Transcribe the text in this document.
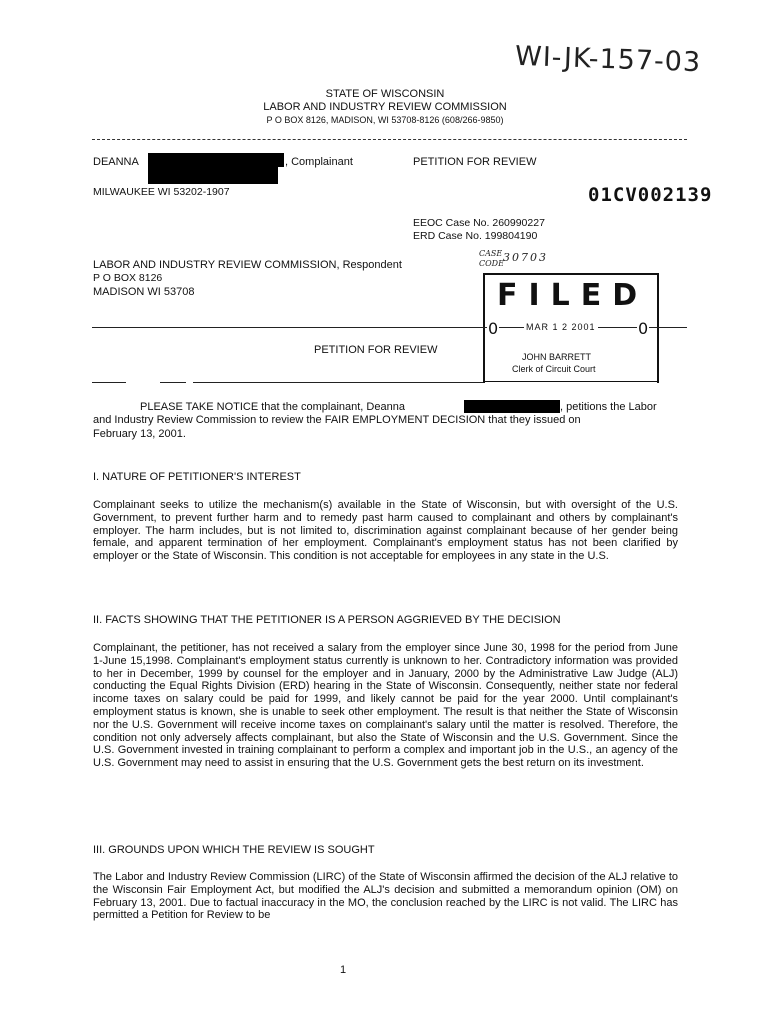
WI-JK-157-03
STATE OF WISCONSIN
LABOR AND INDUSTRY REVIEW COMMISSION
P O BOX 8126, MADISON, WI 53708-8126 (608/266-9850)
DEANNA	, Complainant	PETITION FOR REVIEW
MILWAUKEE WI 53202-1907	01CV002139
EEOC Case No. 260990227
ERD Case No. 199804190
LABOR AND INDUSTRY REVIEW COMMISSION, Respondent
P O BOX 8126
MADISON WI 53708
CASE
CODE 30703
FILED
0	0
MAR 1 2 2001
PETITION FOR REVIEW
JOHN BARRETT
Clerk of Circuit Court
PLEASE TAKE NOTICE that the complainant, Deanna	, petitions the Labor
and Industry Review Commission to review the FAIR EMPLOYMENT DECISION that they issued on
February 13, 2001.
I. NATURE OF PETITIONER'S INTEREST
Complainant seeks to utilize the mechanism(s) available in the State of Wisconsin, but with oversight of the U.S. Government, to prevent further harm and to remedy past harm caused to complainant and others by complainant's employer. The harm includes, but is not limited to, discrimination against complainant because of her gender being female, and apparent termination of her employment. Complainant's employment status has not been clarified by employer or the State of Wisconsin. This condition is not acceptable for employees in any state in the U.S.
II. FACTS SHOWING THAT THE PETITIONER IS A PERSON AGGRIEVED BY THE DECISION
Complainant, the petitioner, has not received a salary from the employer since June 30, 1998 for the period from June 1-June 15,1998. Complainant's employment status currently is unknown to her. Contradictory information was provided to her in December, 1999 by counsel for the employer and in January, 2000 by the Administrative Law Judge (ALJ) conducting the Equal Rights Division (ERD) hearing in the State of Wisconsin. Consequently, neither state nor federal income taxes on salary could be paid for 1999, and likely cannot be paid for the year 2000. Until complainant's employment status is known, she is unable to seek other employment. The result is that neither the State of Wisconsin nor the U.S. Government will receive income taxes on complainant's salary until the matter is resolved. Therefore, the condition not only adversely affects complainant, but also the State of Wisconsin and the U.S. Government. Since the U.S. Government invested in training complainant to perform a complex and important job in the U.S., an agency of the U.S. Government may need to assist in ensuring that the U.S. Government gets the best return on its investment.
III. GROUNDS UPON WHICH THE REVIEW IS SOUGHT
The Labor and Industry Review Commission (LIRC) of the State of Wisconsin affirmed the decision of the ALJ relative to the Wisconsin Fair Employment Act, but modified the ALJ's decision and submitted a memorandum opinion (OM) on February 13, 2001. Due to factual inaccuracy in the MO, the conclusion reached by the LIRC is not valid. The LIRC has permitted a Petition for Review to be
1
